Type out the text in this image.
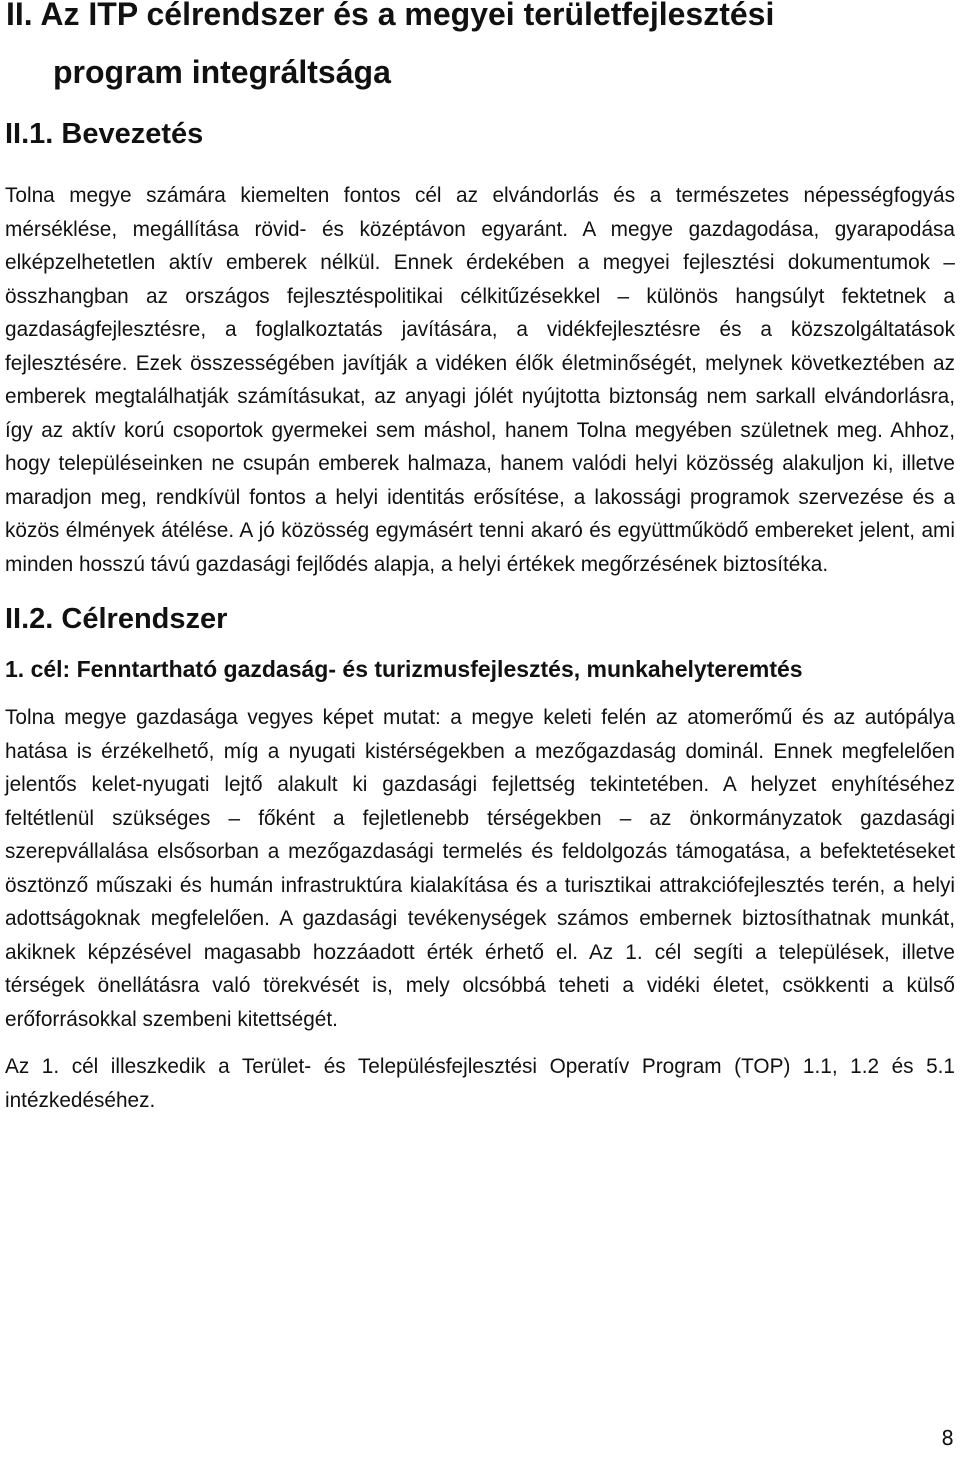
II. Az ITP célrendszer és a megyei területfejlesztési
program integráltsága
II.1. Bevezetés

Tolna megye számára kiemelten fontos cél az elvándorlás és a természetes népességfogyás mérséklése, megállítása rövid- és középtávon egyaránt. A megye gazdagodása, gyarapodása elképzelhetetlen aktív emberek nélkül. Ennek érdekében a megyei fejlesztési dokumentumok – összhangban az országos fejlesztéspolitikai célkitűzésekkel – különös hangsúlyt fektetnek a gazdaságfejlesztésre, a foglalkoztatás javítására, a vidékfejlesztésre és a közszolgáltatások fejlesztésére. Ezek összességében javítják a vidéken élők életminőségét, melynek következtében az emberek megtalálhatják számításukat, az anyagi jólét nyújtotta biztonság nem sarkall elvándorlásra, így az aktív korú csoportok gyermekei sem máshol, hanem Tolna megyében születnek meg. Ahhoz, hogy településeinken ne csupán emberek halmaza, hanem valódi helyi közösség alakuljon ki, illetve maradjon meg, rendkívül fontos a helyi identitás erősítése, a lakossági programok szervezése és a közös élmények átélése. A jó közösség egymásért tenni akaró és együttműködő embereket jelent, ami minden hosszú távú gazdasági fejlődés alapja, a helyi értékek megőrzésének biztosítéka.

II.2. Célrendszer
1. cél: Fenntartható gazdaság- és turizmusfejlesztés, munkahelyteremtés

Tolna megye gazdasága vegyes képet mutat: a megye keleti felén az atomerőmű és az autópálya hatása is érzékelhető, míg a nyugati kistérségekben a mezőgazdaság dominál. Ennek megfelelően jelentős kelet-nyugati lejtő alakult ki gazdasági fejlettség tekintetében. A helyzet enyhítéséhez feltétlenül szükséges – főként a fejletlenebb térségekben – az önkormányzatok gazdasági szerepvállalása elsősorban a mezőgazdasági termelés és feldolgozás támogatása, a befektetéseket ösztönző műszaki és humán infrastruktúra kialakítása és a turisztikai attrakciófejlesztés terén, a helyi adottságoknak megfelelően. A gazdasági tevékenységek számos embernek biztosíthatnak munkát, akiknek képzésével magasabb hozzáadott érték érhető el. Az 1. cél segíti a települések, illetve térségek önellátásra való törekvését is, mely olcsóbbá teheti a vidéki életet, csökkenti a külső erőforrásokkal szembeni kitettségét.

Az 1. cél illeszkedik a Terület- és Településfejlesztési Operatív Program (TOP) 1.1, 1.2 és 5.1 intézkedéséhez.

8
